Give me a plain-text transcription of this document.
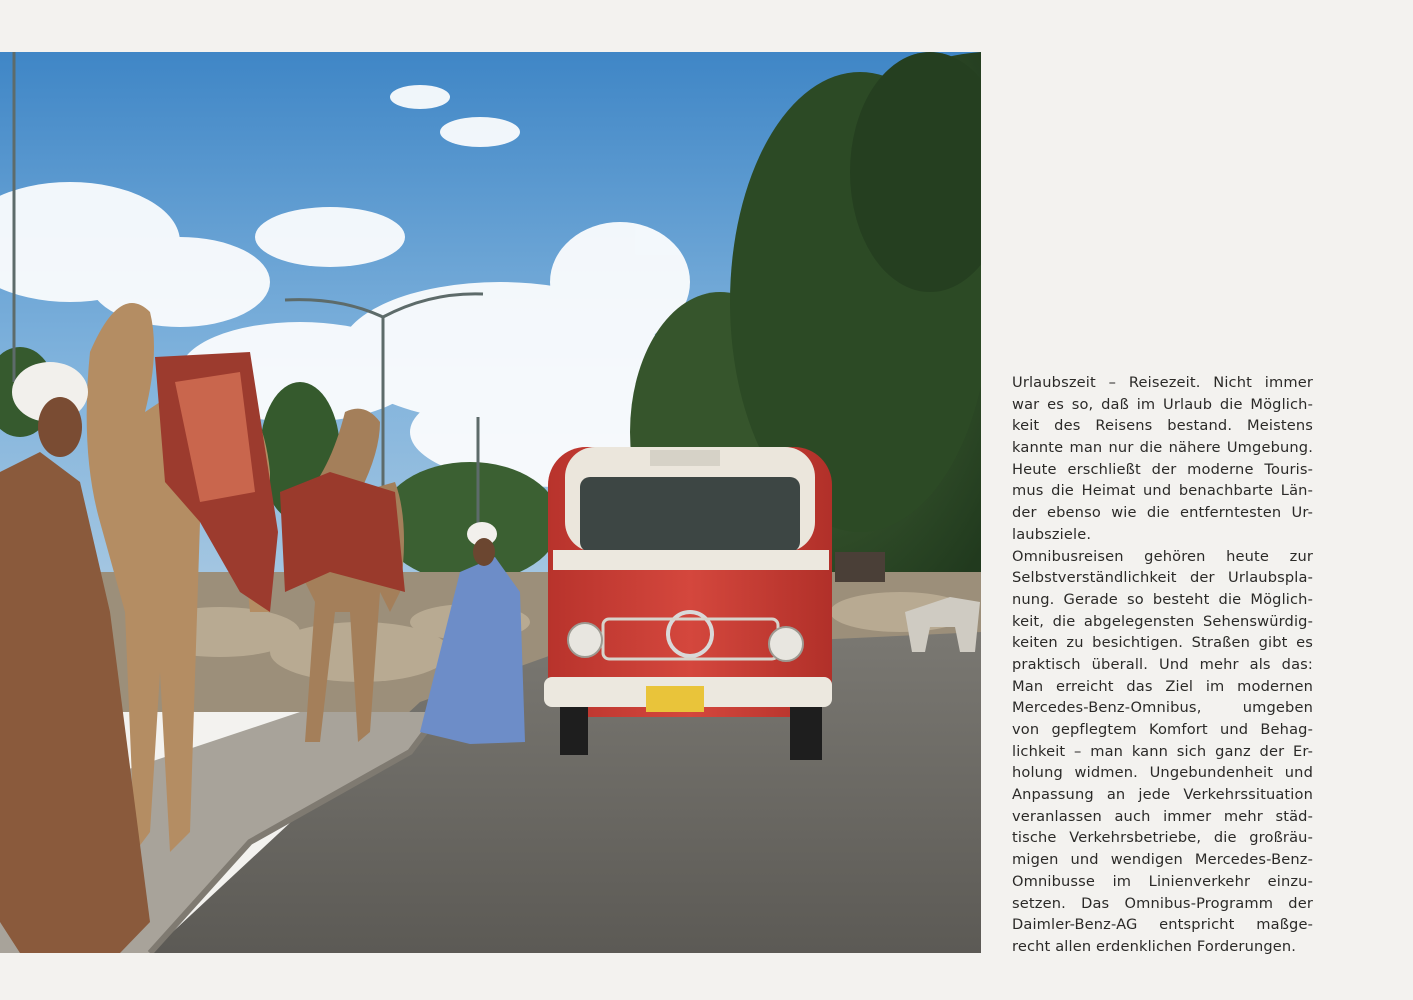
Urlaubszeit – Reisezeit. Nicht immer
war es so, daß im Urlaub die Möglich-
keit des Reisens bestand. Meistens
kannte man nur die nähere Umgebung.
Heute erschließt der moderne Touris-
mus die Heimat und benachbarte Län-
der ebenso wie die entferntesten Ur-
laubsziele.
Omnibusreisen gehören heute zur
Selbstverständlichkeit der Urlaubspla-
nung. Gerade so besteht die Möglich-
keit, die abgelegensten Sehenswürdig-
keiten zu besichtigen. Straßen gibt es
praktisch überall. Und mehr als das:
Man erreicht das Ziel im modernen
Mercedes-Benz-Omnibus, umgeben
von gepflegtem Komfort und Behag-
lichkeit – man kann sich ganz der Er-
holung widmen. Ungebundenheit und
Anpassung an jede Verkehrssituation
veranlassen auch immer mehr städ-
tische Verkehrsbetriebe, die großräu-
migen und wendigen Mercedes-Benz-
Omnibusse im Linienverkehr einzu-
setzen. Das Omnibus-Programm der
Daimler-Benz-AG entspricht maßge-
recht allen erdenklichen Forderungen.
